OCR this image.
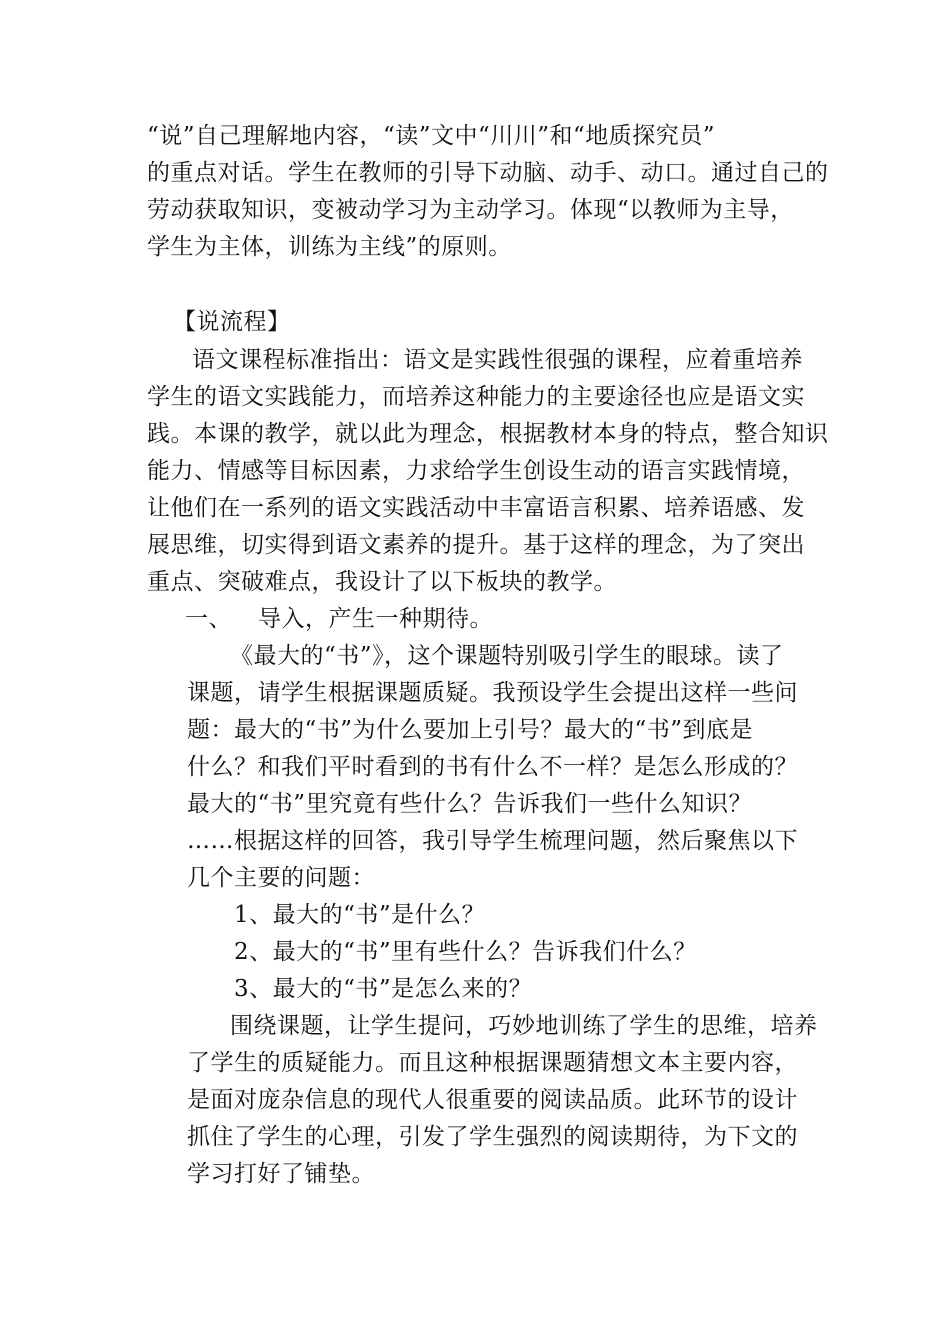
“说”自己理解地内容，“读”文中“川川”和“地质探究员”
的重点对话。学生在教师的引导下动脑、动手、动口。通过自己的
劳动获取知识，变被动学习为主动学习。体现“以教师为主导，
学生为主体，训练为主线”的原则。
【说流程】
语文课程标准指出：语文是实践性很强的课程，应着重培养
学生的语文实践能力，而培养这种能力的主要途径也应是语文实
践。本课的教学，就以此为理念，根据教材本身的特点，整合知识
能力、情感等目标因素，力求给学生创设生动的语言实践情境，
让他们在一系列的语文实践活动中丰富语言积累、培养语感、发
展思维，切实得到语文素养的提升。基于这样的理念，为了突出
重点、突破难点，我设计了以下板块的教学。
一、 导入，产生一种期待。
《最大的“书”》，这个课题特别吸引学生的眼球。读了
课题，请学生根据课题质疑。我预设学生会提出这样一些问
题：最大的“书”为什么要加上引号？最大的“书”到底是
什么？和我们平时看到的书有什么不一样？是怎么形成的？
最大的“书”里究竟有些什么？告诉我们一些什么知识？
……根据这样的回答，我引导学生梳理问题，然后聚焦以下
几个主要的问题：
1、最大的“书”是什么？
2、最大的“书”里有些什么？告诉我们什么？
3、最大的“书”是怎么来的？
围绕课题，让学生提问，巧妙地训练了学生的思维，培养
了学生的质疑能力。而且这种根据课题猜想文本主要内容，
是面对庞杂信息的现代人很重要的阅读品质。此环节的设计
抓住了学生的心理，引发了学生强烈的阅读期待，为下文的
学习打好了铺垫。
